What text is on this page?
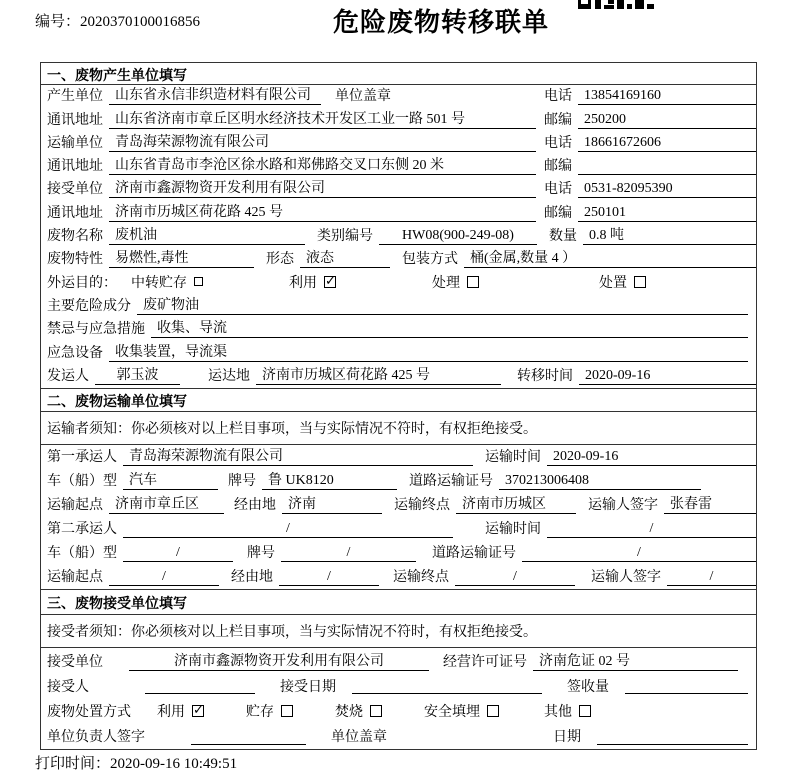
编号：2020370100016856	危险废物转移联单
一、废物产生单位填写
产生单位 山东省永信非织造材料有限公司	单位盖章	电话 13854169160
通讯地址 山东省济南市章丘区明水经济技术开发区工业一路 501 号	邮编 250200
运输单位 青岛海荣源物流有限公司	电话 18661672606
通讯地址 山东省青岛市李沧区徐水路和郑佛路交叉口东侧 20 米	邮编
接受单位 济南市鑫源物资开发利用有限公司	电话 0531-82095390
通讯地址 济南市历城区荷花路 425 号	邮编 250101
废物名称 废机油	类别编号	HW08(900-249-08)	数量 0.8 吨
废物特性 易燃性,毒性	形态 液态	包装方式 桶(金属,数量 4 ）
外运目的： 中转贮存	利用 ✓	处理	处置
主要危险成分 废矿物油
禁忌与应急措施 收集、导流
应急设备 收集装置，导流渠
发运人	郭玉波	运达地 济南市历城区荷花路 425 号	转移时间 2020-09-16
二、废物运输单位填写
运输者须知：你必须核对以上栏目事项，当与实际情况不符时，有权拒绝接受。
第一承运人 青岛海荣源物流有限公司	运输时间 2020-09-16
车（船）型 汽车	牌号 鲁 UK8120	道路运输证号 370213006408
运输起点 济南市章丘区	经由地 济南	运输终点 济南市历城区	运输人签字 张春雷
第二承运人	/	运输时间	/
车（船）型	/	牌号	/	道路运输证号	/
运输起点	/	经由地	/	运输终点	/	运输人签字	/
三、废物接受单位填写
接受者须知：你必须核对以上栏目事项，当与实际情况不符时，有权拒绝接受。
接受单位	济南市鑫源物资开发利用有限公司	经营许可证号 济南危证 02 号
接受人	接受日期	签收量
废物处置方式 利用 ✓	贮存	焚烧	安全填埋	其他
单位负责人签字	单位盖章	日期
打印时间：2020-09-16 10:49:51
